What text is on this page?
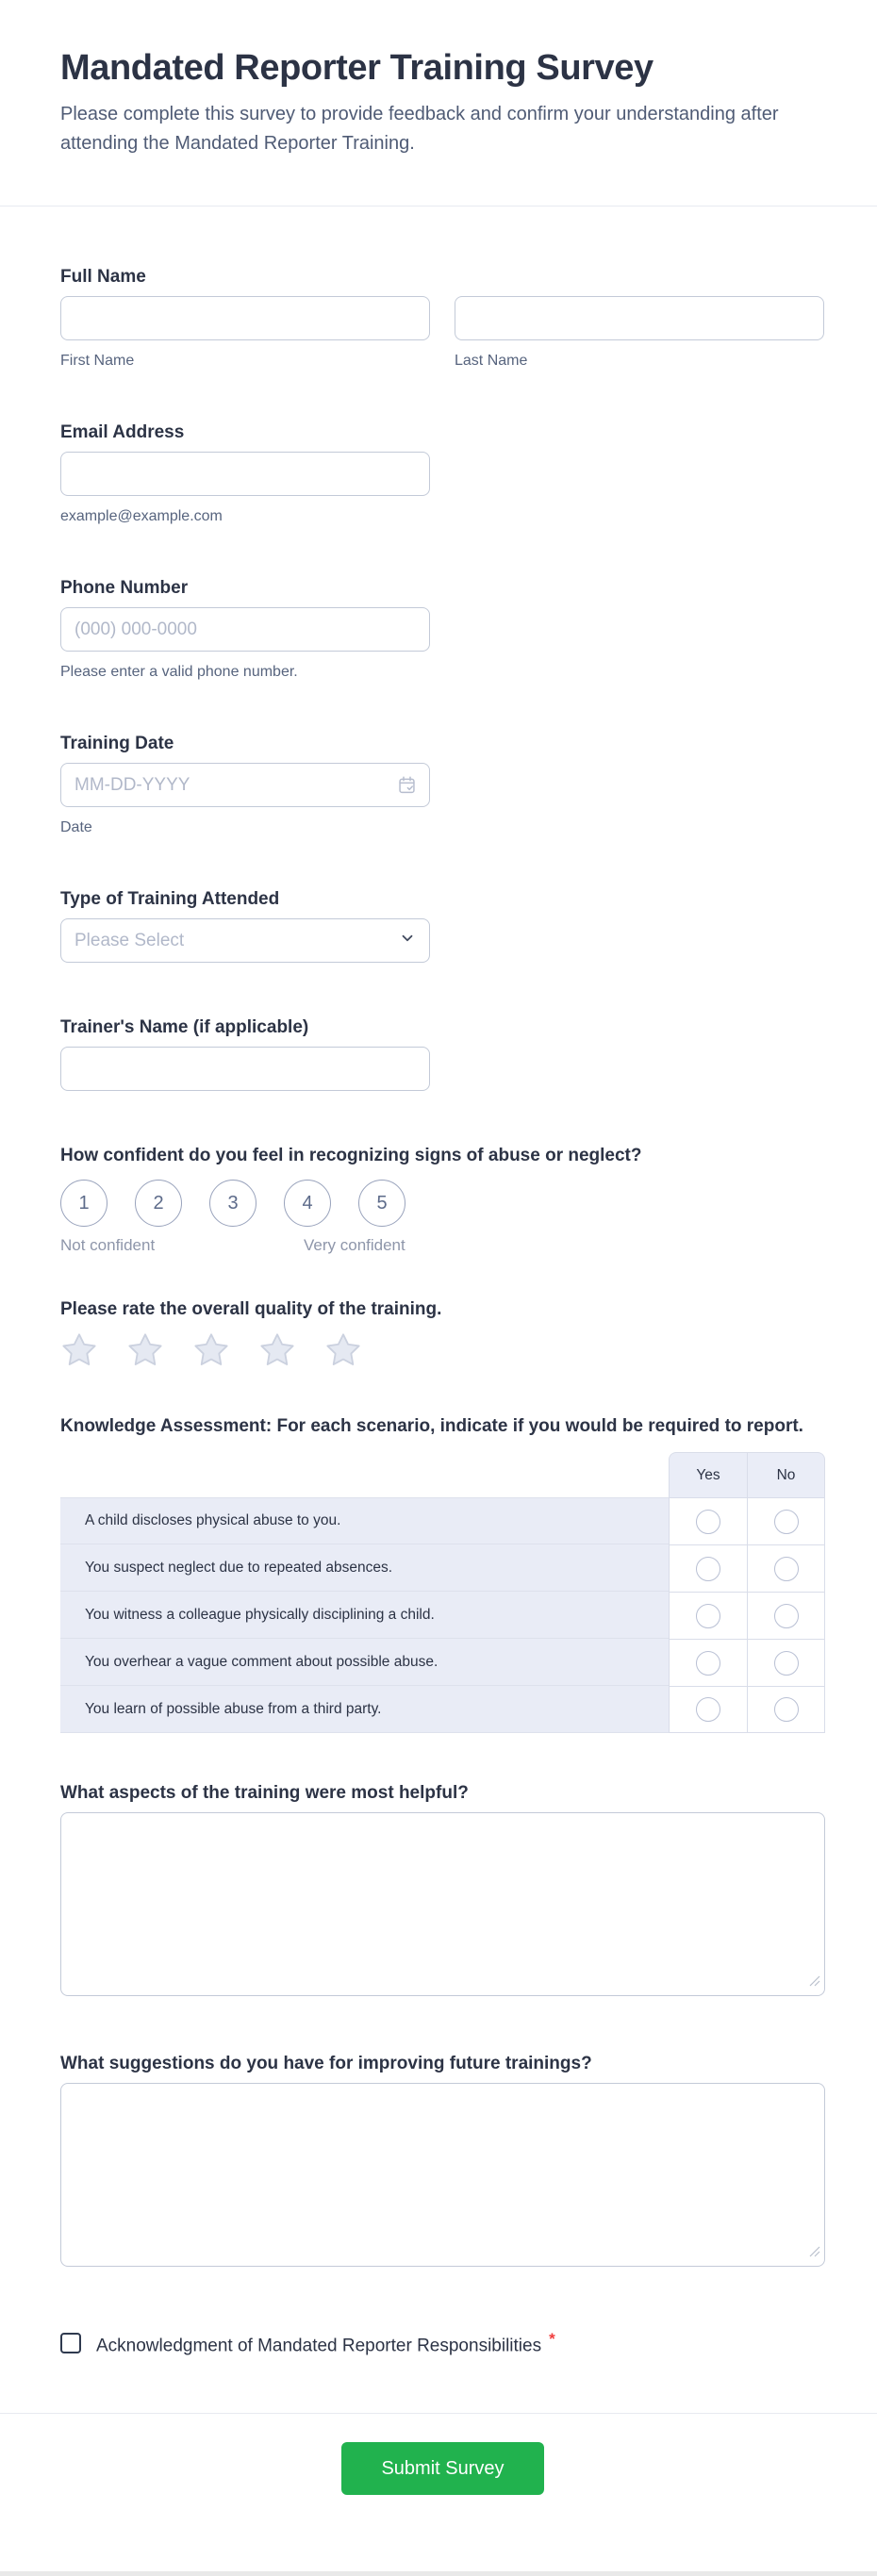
Mandated Reporter Training Survey
Please complete this survey to provide feedback and confirm your understanding after attending the Mandated Reporter Training.
Full Name
First Name	Last Name
Email Address
example@example.com
Phone Number
(000) 000-0000
Please enter a valid phone number.
Training Date
MM-DD-YYYY
Date
Type of Training Attended
Please Select
Trainer's Name (if applicable)
How confident do you feel in recognizing signs of abuse or neglect?
1	2	3	4	5
Not confident	Very confident
Please rate the overall quality of the training.
Knowledge Assessment: For each scenario, indicate if you would be required to report.
Yes	No
A child discloses physical abuse to you.
You suspect neglect due to repeated absences.
You witness a colleague physically disciplining a child.
You overhear a vague comment about possible abuse.
You learn of possible abuse from a third party.
What aspects of the training were most helpful?
What suggestions do you have for improving future trainings?
Acknowledgment of Mandated Reporter Responsibilities *
Submit Survey
